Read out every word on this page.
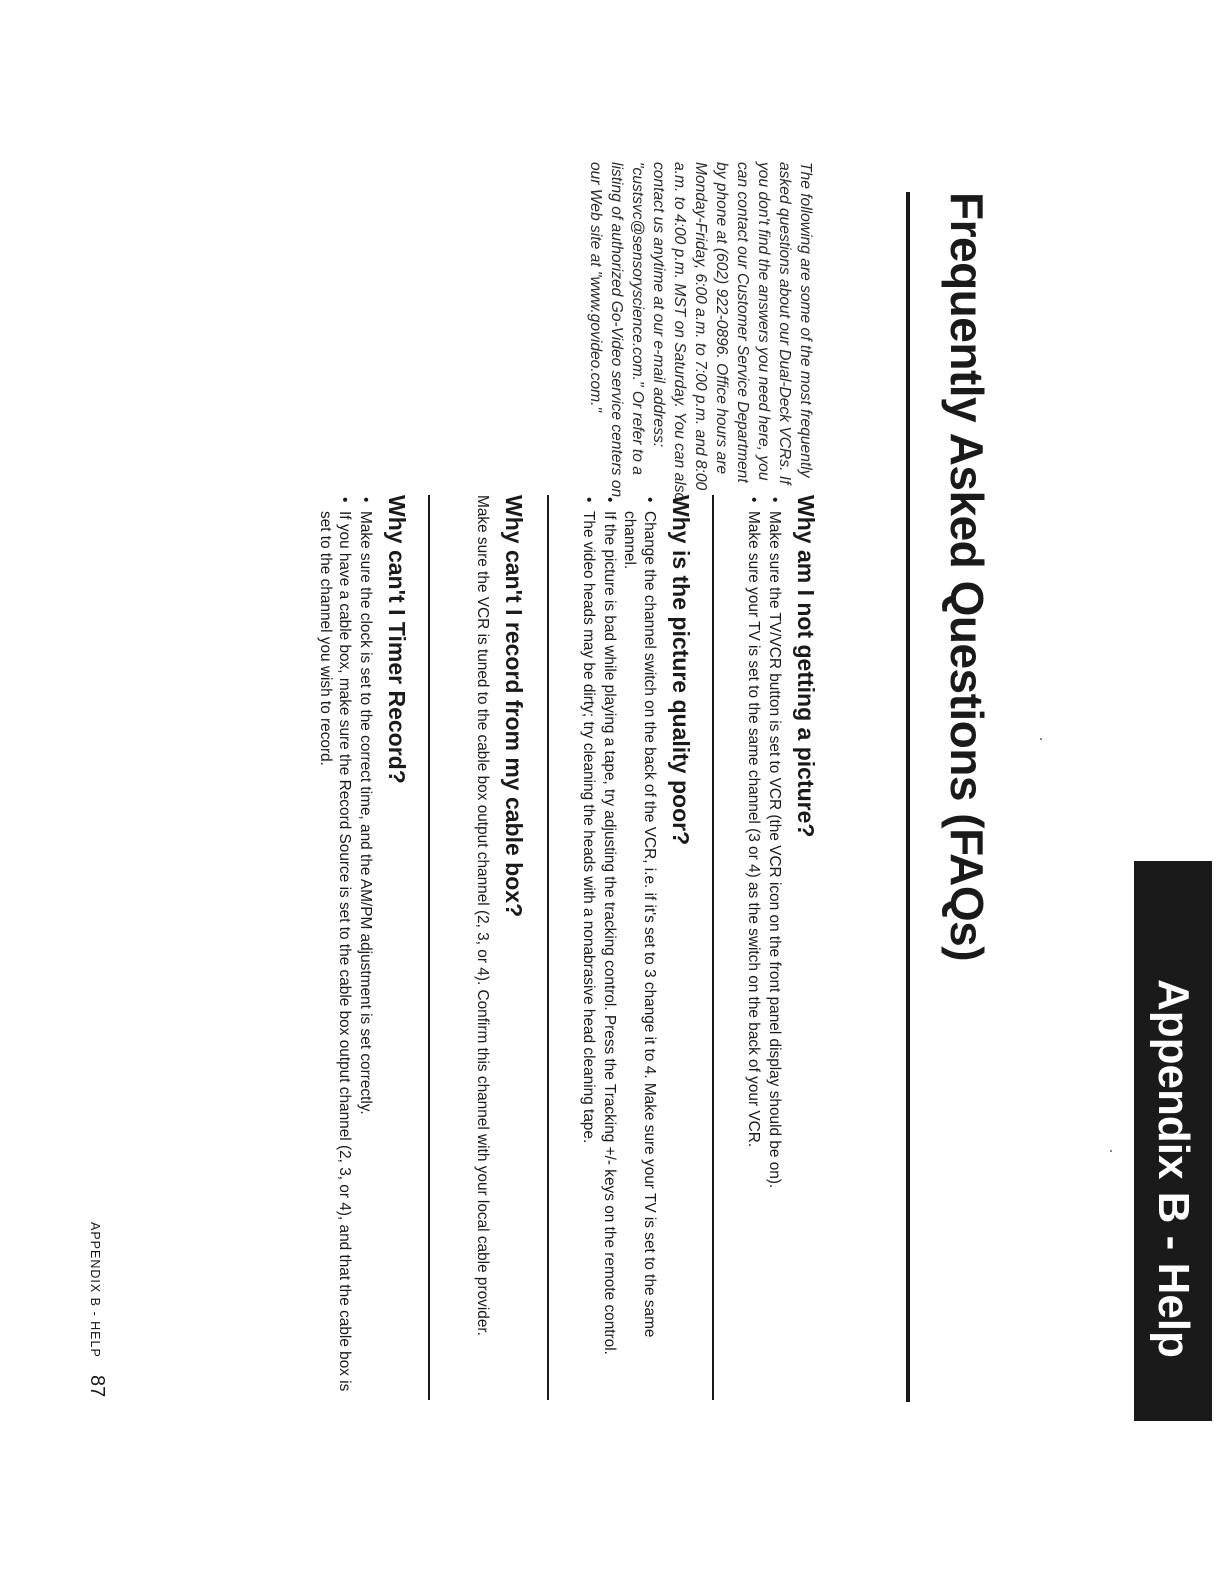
Appendix B - Help
Frequently Asked Questions (FAQs)

The following are some of the most frequently asked questions about our Dual-Deck VCRs. If you don't find the answers you need here, you can contact our Customer Service Department by phone at (602) 922-0896. Office hours are Monday-Friday, 6:00 a.m. to 7:00 p.m. and 8:00 a.m. to 4:00 p.m. MST on Saturday. You can also contact us anytime at our e-mail address: "custsvc@sensoryscience.com." Or refer to a listing of authorized Go-Video service centers on our Web site at "www.govideo.com."

Why am I not getting a picture?
• Make sure the TV/VCR button is set to VCR (the VCR icon on the front panel display should be on).
• Make sure your TV is set to the same channel (3 or 4) as the switch on the back of your VCR.
Why is the picture quality poor?
• Change the channel switch on the back of the VCR, i.e. if it's set to 3 change it to 4. Make sure your TV is set to the same channel.
• If the picture is bad while playing a tape, try adjusting the tracking control. Press the Tracking +/- keys on the remote control.
• The video heads may be dirty; try cleaning the heads with a nonabrasive head cleaning tape.
Why can't I record from my cable box?

Make sure the VCR is tuned to the cable box output channel (2, 3, or 4). Confirm this channel with your local cable provider.

Why can't I Timer Record?
• Make sure the clock is set to the correct time, and the AM/PM adjustment is set correctly.
• If you have a cable box, make sure the Record Source is set to the cable box output channel (2, 3, or 4), and that the cable box is set to the channel you wish to record.
APPENDIX B - HELP
87
